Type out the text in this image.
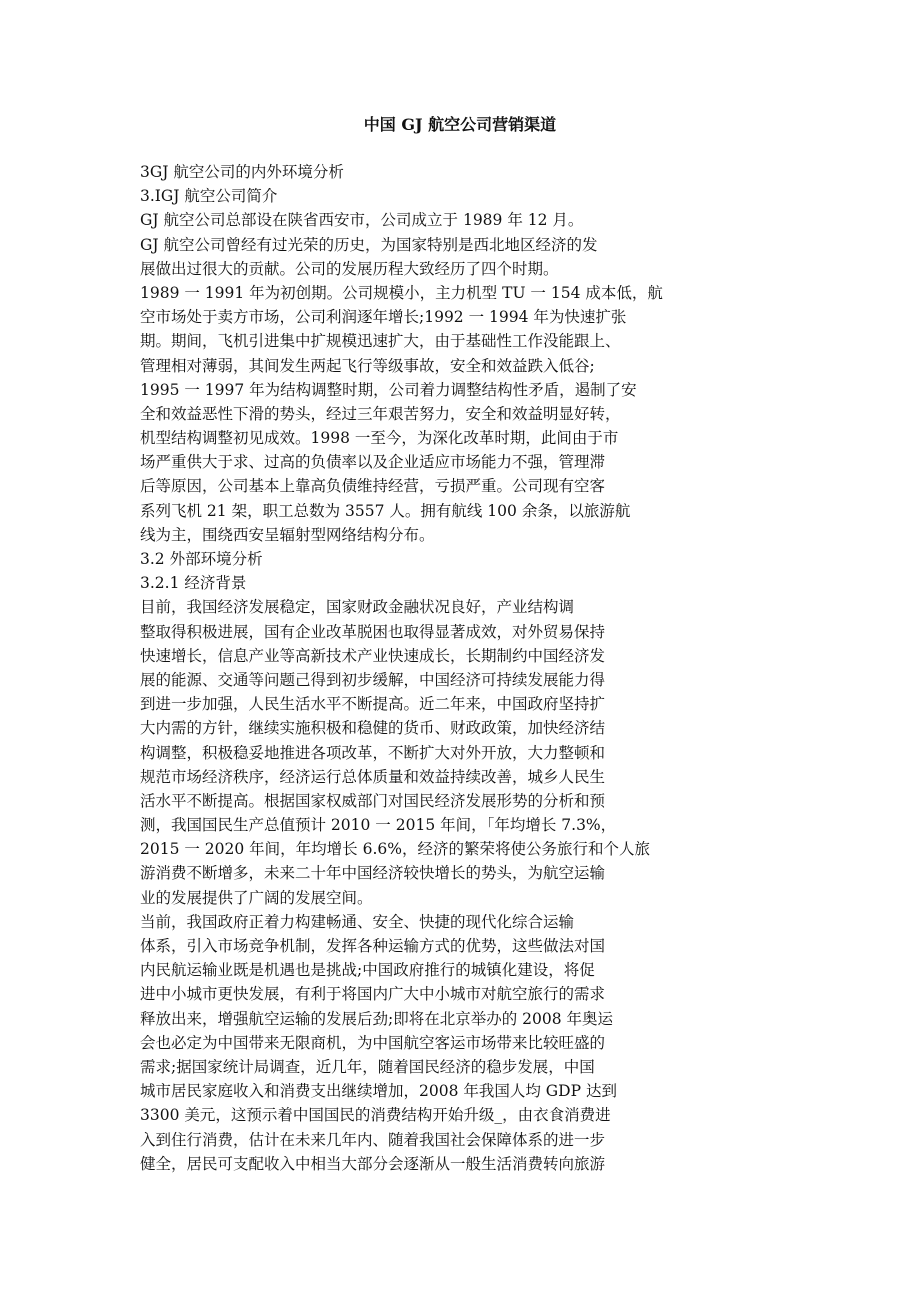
中国 GJ 航空公司营销渠道
3GJ 航空公司的内外环境分析
3.IGJ 航空公司简介
GJ 航空公司总部设在陕省西安市，公司成立于 1989 年 12 月。
GJ 航空公司曾经有过光荣的历史，为国家特别是西北地区经济的发
展做出过很大的贡献。公司的发展历程大致经历了四个时期。
1989 一 1991 年为初创期。公司规模小，主力机型 TU 一 154 成本低，航
空市场处于卖方市场，公司利润逐年增长;1992 一 1994 年为快速扩张
期。期间，飞机引进集中扩规模迅速扩大，由于基础性工作没能跟上、
管理相对薄弱，其间发生两起飞行等级事故，安全和效益跌入低谷;
1995 一 1997 年为结构调整时期，公司着力调整结构性矛盾，遏制了安
全和效益恶性下滑的势头，经过三年艰苦努力，安全和效益明显好转，
机型结构调整初见成效。1998 一至今，为深化改革时期，此间由于市
场严重供大于求、过高的负债率以及企业适应市场能力不强，管理滞
后等原因，公司基本上靠高负债维持经营，亏损严重。公司现有空客
系列飞机 21 架，职工总数为 3557 人。拥有航线 100 余条，以旅游航
线为主，围绕西安呈辐射型网络结构分布。
3.2 外部环境分析
3.2.1 经济背景
目前，我国经济发展稳定，国家财政金融状况良好，产业结构调
整取得积极进展，国有企业改革脱困也取得显著成效，对外贸易保持
快速增长，信息产业等高新技术产业快速成长，长期制约中国经济发
展的能源、交通等问题己得到初步缓解，中国经济可持续发展能力得
到进一步加强，人民生活水平不断提高。近二年来，中国政府坚持扩
大内需的方针，继续实施积极和稳健的货币、财政政策，加快经济结
构调整，积极稳妥地推进各项改革，不断扩大对外开放，大力整顿和
规范市场经济秩序，经济运行总体质量和效益持续改善，城乡人民生
活水平不断提高。根据国家权威部门对国民经济发展形势的分析和预
测，我国国民生产总值预计 2010 一 2015 年间，「年均增长 7.3%，
2015 一 2020 年间，年均增长 6.6%，经济的繁荣将使公务旅行和个人旅
游消费不断增多，未来二十年中国经济较快增长的势头，为航空运输
业的发展提供了广阔的发展空间。
当前，我国政府正着力构建畅通、安全、快捷的现代化综合运输
体系，引入市场竞争机制，发挥各种运输方式的优势，这些做法对国
内民航运输业既是机遇也是挑战;中国政府推行的城镇化建设，将促
进中小城市更快发展，有利于将国内广大中小城市对航空旅行的需求
释放出来，增强航空运输的发展后劲;即将在北京举办的 2008 年奥运
会也必定为中国带来无限商机，为中国航空客运市场带来比较旺盛的
需求;据国家统计局调查，近几年，随着国民经济的稳步发展，中国
城市居民家庭收入和消费支出继续增加，2008 年我国人均 GDP 达到
3300 美元，这预示着中国国民的消费结构开始升级_，由衣食消费进
入到住行消费，估计在未来几年内、随着我国社会保障体系的进一步
健全，居民可支配收入中相当大部分会逐渐从一般生活消费转向旅游
